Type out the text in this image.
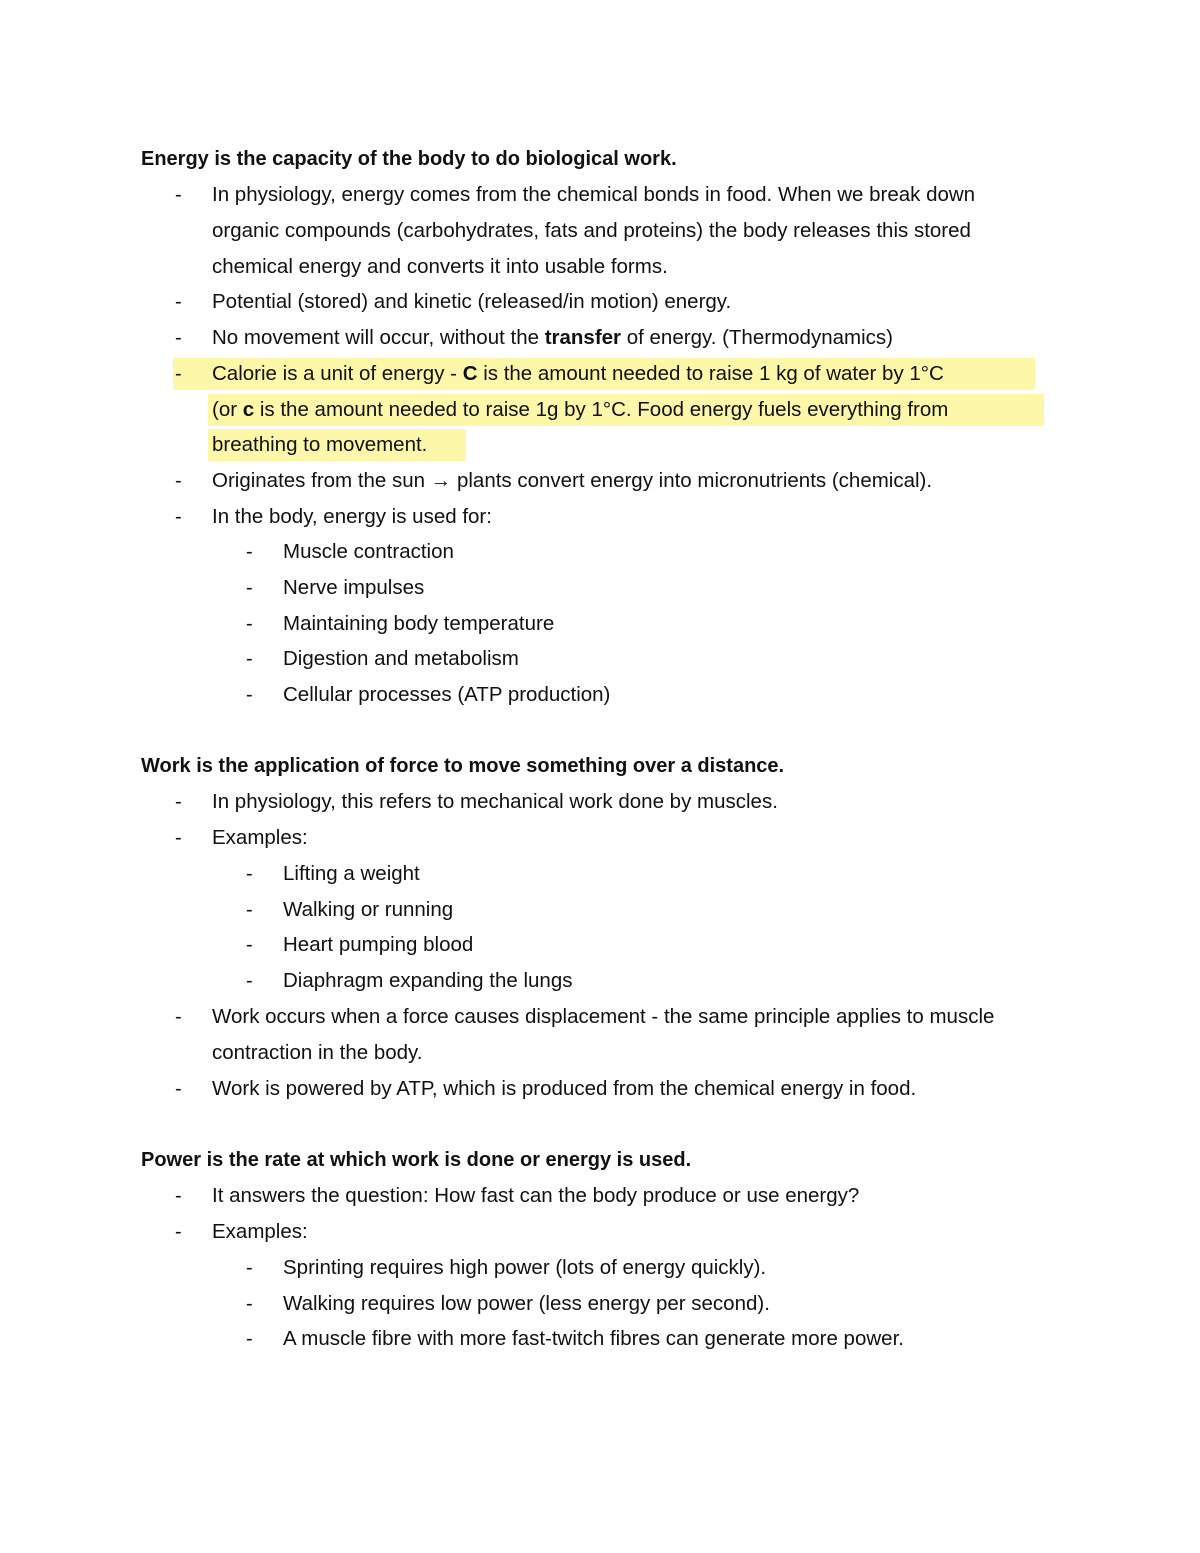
Energy is the capacity of the body to do biological work.
- In physiology, energy comes from the chemical bonds in food. When we break down
organic compounds (carbohydrates, fats and proteins) the body releases this stored
chemical energy and converts it into usable forms.
- Potential (stored) and kinetic (released/in motion) energy.
- No movement will occur, without the transfer of energy. (Thermodynamics)
- Calorie is a unit of energy - C is the amount needed to raise 1 kg of water by 1°C
(or c is the amount needed to raise 1g by 1°C. Food energy fuels everything from
breathing to movement.
- Originates from the sun → plants convert energy into micronutrients (chemical).
- In the body, energy is used for:
- Muscle contraction
- Nerve impulses
- Maintaining body temperature
- Digestion and metabolism
- Cellular processes (ATP production)
Work is the application of force to move something over a distance.
- In physiology, this refers to mechanical work done by muscles.
- Examples:
- Lifting a weight
- Walking or running
- Heart pumping blood
- Diaphragm expanding the lungs
- Work occurs when a force causes displacement - the same principle applies to muscle
contraction in the body.
- Work is powered by ATP, which is produced from the chemical energy in food.
Power is the rate at which work is done or energy is used.
- It answers the question: How fast can the body produce or use energy?
- Examples:
- Sprinting requires high power (lots of energy quickly).
- Walking requires low power (less energy per second).
- A muscle fibre with more fast-twitch fibres can generate more power.
